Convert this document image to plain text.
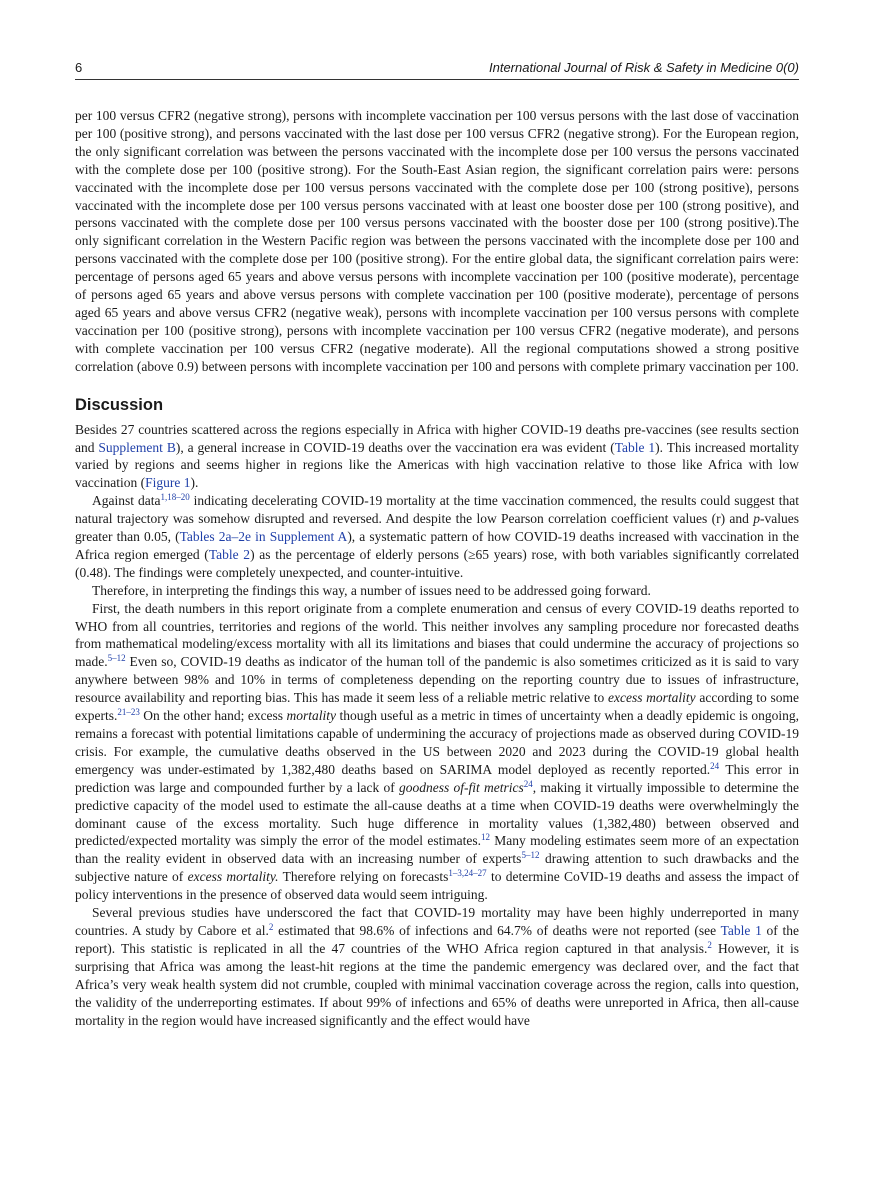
6	International Journal of Risk & Safety in Medicine 0(0)

per 100 versus CFR2 (negative strong), persons with incomplete vaccination per 100 versus persons with the last dose of vaccination per 100 (positive strong), and persons vaccinated with the last dose per 100 versus CFR2 (negative strong). For the European region, the only significant correlation was between the persons vaccinated with the incomplete dose per 100 versus the persons vaccinated with the complete dose per 100 (positive strong). For the South-East Asian region, the significant correlation pairs were: persons vaccinated with the incomplete dose per 100 versus persons vaccinated with the complete dose per 100 (strong positive), persons vaccinated with the incomplete dose per 100 versus persons vaccinated with at least one booster dose per 100 (strong positive), and persons vaccinated with the complete dose per 100 versus persons vaccinated with the booster dose per 100 (strong positive).The only significant correlation in the Western Pacific region was between the persons vaccinated with the incomplete dose per 100 and persons vaccinated with the complete dose per 100 (positive strong). For the entire global data, the significant correlation pairs were: percentage of persons aged 65 years and above versus persons with incomplete vaccination per 100 (positive moderate), percentage of persons aged 65 years and above versus persons with complete vaccination per 100 (positive moderate), percentage of persons aged 65 years and above versus CFR2 (negative weak), persons with incomplete vaccination per 100 versus persons with complete vaccination per 100 (positive strong), persons with incomplete vaccination per 100 versus CFR2 (negative moderate), and persons with complete vaccination per 100 versus CFR2 (negative moderate). All the regional computations showed a strong positive correlation (above 0.9) between persons with incomplete vaccination per 100 and persons with complete primary vaccination per 100.

Discussion

Besides 27 countries scattered across the regions especially in Africa with higher COVID-19 deaths pre-vaccines (see results section and Supplement B), a general increase in COVID-19 deaths over the vaccination era was evident (Table 1). This increased mortality varied by regions and seems higher in regions like the Americas with high vaccination relative to those like Africa with low vaccination (Figure 1).

Against data$^{1,18-20}$ indicating decelerating COVID-19 mortality at the time vaccination commenced, the results could suggest that natural trajectory was somehow disrupted and reversed. And despite the low Pearson correlation coefficient values (r) and p-values greater than 0.05, (Tables 2a–2e in Supplement A), a systematic pattern of how COVID-19 deaths increased with vaccination in the Africa region emerged (Table 2) as the percentage of elderly persons (≥65 years) rose, with both variables significantly correlated (0.48). The findings were completely unexpected, and counter-intuitive.

Therefore, in interpreting the findings this way, a number of issues need to be addressed going forward.

First, the death numbers in this report originate from a complete enumeration and census of every COVID-19 deaths reported to WHO from all countries, territories and regions of the world. This neither involves any sampling procedure nor forecasted deaths from mathematical modeling/excess mortality with all its limitations and biases that could undermine the accuracy of projections so made.$^{5-12}$ Even so, COVID-19 deaths as indicator of the human toll of the pandemic is also sometimes criticized as it is said to vary anywhere between 98% and 10% in terms of completeness depending on the reporting country due to issues of infrastructure, resource availability and reporting bias. This has made it seem less of a reliable metric relative to excess mortality according to some experts.$^{21-23}$ On the other hand; excess mortality though useful as a metric in times of uncertainty when a deadly epidemic is ongoing, remains a forecast with potential limitations capable of undermining the accuracy of projections made as observed during COVID-19 crisis. For example, the cumulative deaths observed in the US between 2020 and 2023 during the COVID-19 global health emergency was under-estimated by 1,382,480 deaths based on SARIMA model deployed as recently reported.$^{24}$ This error in prediction was large and compounded further by a lack of goodness of-fit metrics$^{24}$, making it virtually impossible to determine the predictive capacity of the model used to estimate the all-cause deaths at a time when COVID-19 deaths were overwhelmingly the dominant cause of the excess mortality. Such huge difference in mortality values (1,382,480) between observed and predicted/expected mortality was simply the error of the model estimates.$^{12}$ Many modeling estimates seem more of an expectation than the reality evident in observed data with an increasing number of experts$^{5-12}$ drawing attention to such drawbacks and the subjective nature of excess mortality. Therefore relying on forecasts$^{1-3,24-27}$ to determine CoVID-19 deaths and assess the impact of policy interventions in the presence of observed data would seem intriguing.

Several previous studies have underscored the fact that COVID-19 mortality may have been highly underreported in many countries. A study by Cabore et al.$^2$ estimated that 98.6% of infections and 64.7% of deaths were not reported (see Table 1 of the report). This statistic is replicated in all the 47 countries of the WHO Africa region captured in that analysis.$^2$ However, it is surprising that Africa was among the least-hit regions at the time the pandemic emergency was declared over, and the fact that Africa’s very weak health system did not crumble, coupled with minimal vaccination coverage across the region, calls into question, the validity of the underreporting estimates. If about 99% of infections and 65% of deaths were unreported in Africa, then all-cause mortality in the region would have increased significantly and the effect would have
